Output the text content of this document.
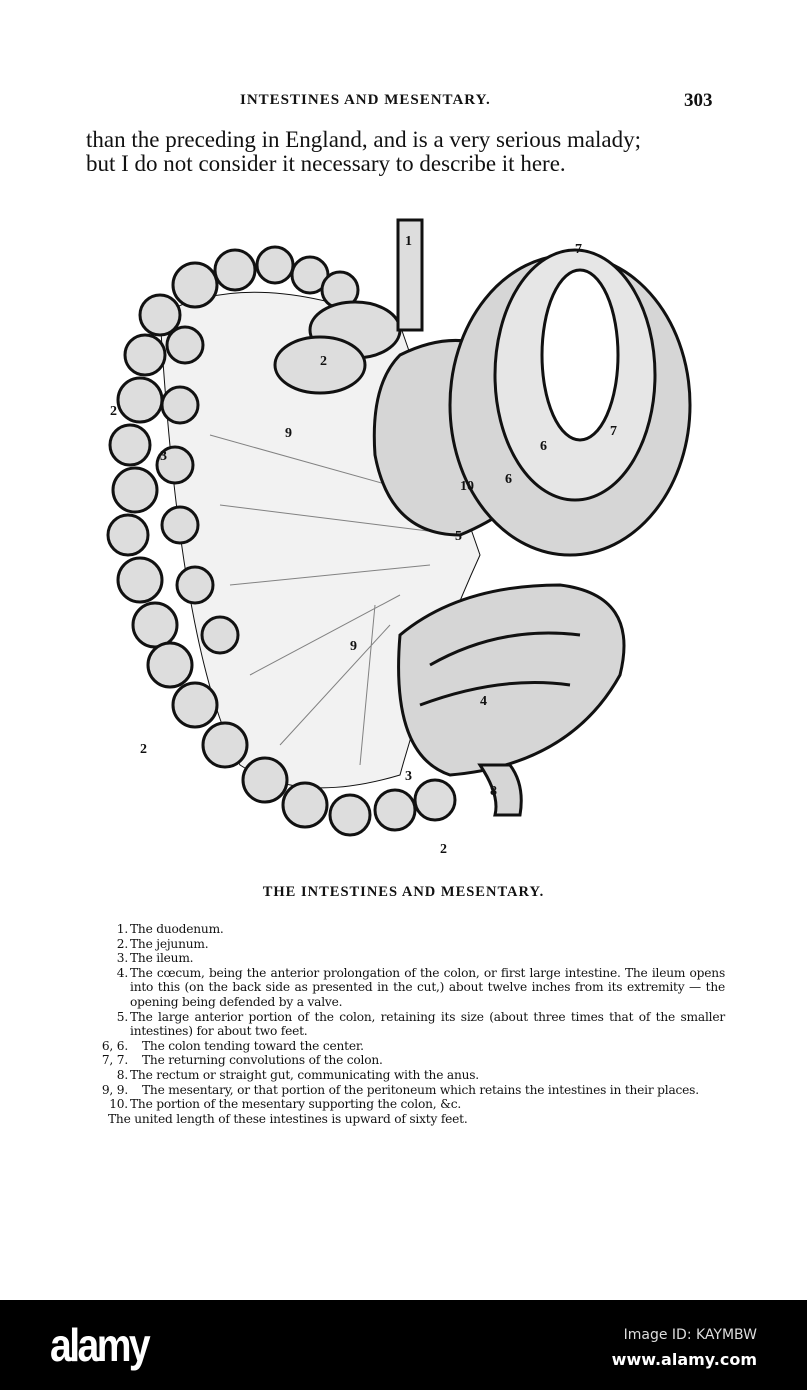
INTESTINES AND MESENTARY.	303
than the preceding in England, and is a very serious malady;
but I do not consider it necessary to describe it here.
1
2
2
2
2
3
3
4
5
6
6
7
7
8
9
9
10
THE INTESTINES AND MESENTARY.
1. The duodenum.
2. The jejunum.
3. The ileum.
4. The cœcum, being the anterior prolongation of the colon, or first large intestine. The ileum opens into this (on the back side as presented in the cut,) about twelve inches from its extremity — the opening being defended by a valve.
5. The large anterior portion of the colon, retaining its size (about three times that of the smaller intestines) for about two feet.
6, 6.	The colon tending toward the center.
7, 7.	The returning convolutions of the colon.
8. The rectum or straight gut, communicating with the anus.
9, 9.	The mesentary, or that portion of the peritoneum which retains the intestines in their places.
10. The portion of the mesentary supporting the colon, &c.
The united length of these intestines is upward of sixty feet.
alamy	Image ID: KAYMBW
www.alamy.com
